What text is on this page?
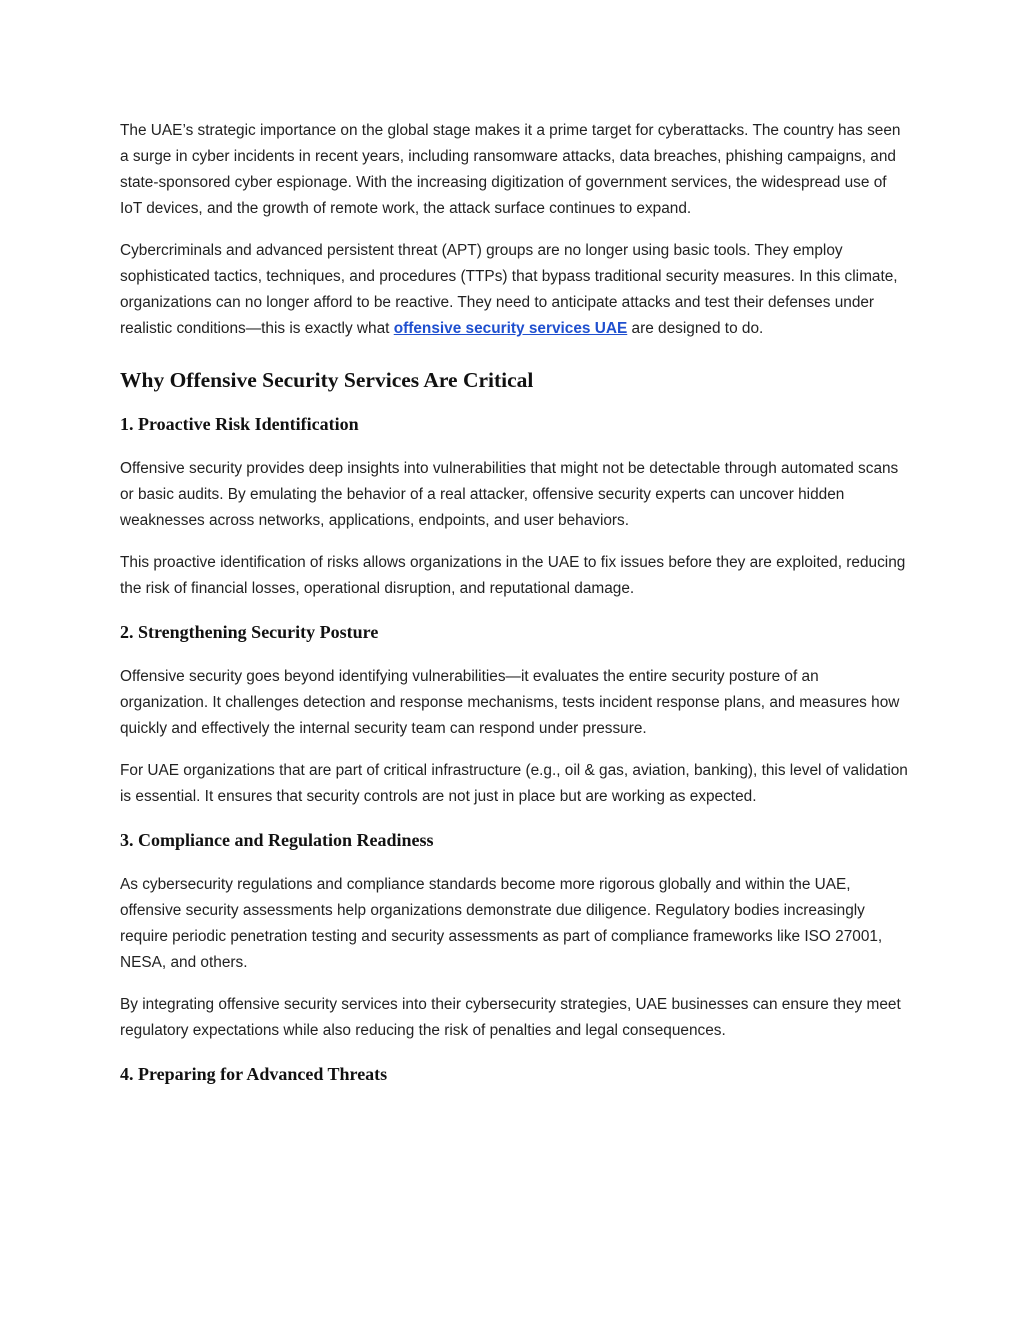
The UAE’s strategic importance on the global stage makes it a prime target for cyberattacks. The country has seen a surge in cyber incidents in recent years, including ransomware attacks, data breaches, phishing campaigns, and state-sponsored cyber espionage. With the increasing digitization of government services, the widespread use of IoT devices, and the growth of remote work, the attack surface continues to expand.

Cybercriminals and advanced persistent threat (APT) groups are no longer using basic tools. They employ sophisticated tactics, techniques, and procedures (TTPs) that bypass traditional security measures. In this climate, organizations can no longer afford to be reactive. They need to anticipate attacks and test their defenses under realistic conditions—this is exactly what offensive security services UAE are designed to do.

Why Offensive Security Services Are Critical
1. Proactive Risk Identification

Offensive security provides deep insights into vulnerabilities that might not be detectable through automated scans or basic audits. By emulating the behavior of a real attacker, offensive security experts can uncover hidden weaknesses across networks, applications, endpoints, and user behaviors.

This proactive identification of risks allows organizations in the UAE to fix issues before they are exploited, reducing the risk of financial losses, operational disruption, and reputational damage.

2. Strengthening Security Posture

Offensive security goes beyond identifying vulnerabilities—it evaluates the entire security posture of an organization. It challenges detection and response mechanisms, tests incident response plans, and measures how quickly and effectively the internal security team can respond under pressure.

For UAE organizations that are part of critical infrastructure (e.g., oil & gas, aviation, banking), this level of validation is essential. It ensures that security controls are not just in place but are working as expected.

3. Compliance and Regulation Readiness

As cybersecurity regulations and compliance standards become more rigorous globally and within the UAE, offensive security assessments help organizations demonstrate due diligence. Regulatory bodies increasingly require periodic penetration testing and security assessments as part of compliance frameworks like ISO 27001, NESA, and others.

By integrating offensive security services into their cybersecurity strategies, UAE businesses can ensure they meet regulatory expectations while also reducing the risk of penalties and legal consequences.

4. Preparing for Advanced Threats
